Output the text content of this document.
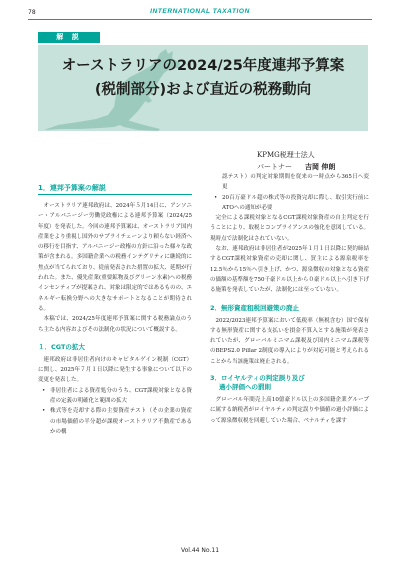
78	INTERNATIONAL TAXATION
解 説
オーストラリアの2024/25年度連邦予算案
(税制部分)および直近の税務動向
KPMG税理士法人
パートナー 吉岡 伸朗
1．連邦予算案の解説

オーストラリア連邦政府は、2024年５月14日に、アンソニー・アルバニージー労働党政権による連邦予算案（2024/25年度）を発表した。今回の連邦予算案は、オーストラリア国内産業をより重視し国外のサプライチェーンより頼らない経済への移行を目指す、アルバニージー政権の方針に沿った様々な政策が含まれる。多国籍企業への税務インテグリティに継続的に焦点が当てられており、従前発表された措置の拡大、延期が行われた。また、優先産業(重要鉱物及びグリーン水素)への税務インセンティブが提案され、対象は限定的ではあるものの、エネルギー転換分野への大きなサポートとなることが期待される。

本稿では、2024/25年度連邦予算案に関する税務論点のうち主たる内容およびその法制化の状況について概説する。

１．CGTの拡大

連邦政府は非居住者向けのキャピタルゲイン税制（CGT）に関し、2025年７月１日以降に発生する事象について以下の変更を発表した。

• 非居住者による資産処分のうち、CGT課税対象となる資産の定義の明確化と範囲の拡大

• 株式等を売却する際の主要資産テスト（その企業の資産の市場価値の半分超が課税オーストラリア不動産であるかの構

認テスト）の判定対象期間を従来の一時点から365日へ変更

• 20百万豪ドル超の株式等の投資完却に際し、取引実行前にATOへの通知が必要

完全による課税対象となるCGT課税対象資産の自主判定を行うことにより、取税とコンプライアンスの強化を意図している。現時点で法制化はされていない。

なお、連邦政府は非居住者が2025年１月１日以降に契約締結するCGT課税対象資産の売却に関し、買主による源泉税率を12.5％から15％へ引き上げ、かつ、源泉徴収の対象となる資産の価額の基準額を750千豪ドル以上から０豪ドル以上へ引き下げる施策を発表していたが、法制化には至っていない。

2．無形資産租税回避策の廃止

2022/2023連邦予算案において低税率（無税含む）国で保有する無形資産に関する支払いを損金不算入とする施策が発表されていたが、グローバルミニマム課税及び国内ミニマム課税等のBEPS2.0 Pillar 2制度の導入によりが対応可能と考えられることから当該施策は廃止される。

3．ロイヤルティの判定誤り及び
過小評価への罰則

グローバル年間売上高10億豪ドル以上の多国籍企業グループに属する納税者がロイヤルティの判定誤りや価値の過小評価によって源泉徴収税を回避していた場合、ペナルティを課す

Vol.44 No.11
